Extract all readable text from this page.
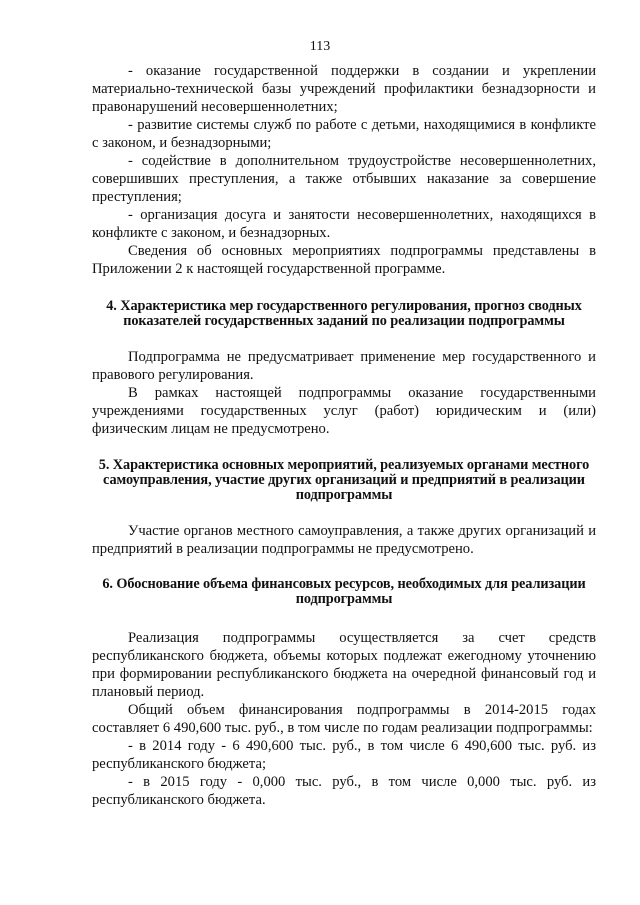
113

- оказание государственной поддержки в создании и укреплении материально-технической базы учреждений профилактики безнадзорности и правонарушений несовершеннолетних;

- развитие системы служб по работе с детьми, находящимися в конфликте с законом, и безнадзорными;

- содействие в дополнительном трудоустройстве несовершеннолетних, совершивших преступления, а также отбывших наказание за совершение преступления;

- организация досуга и занятости несовершеннолетних, находящихся в конфликте с законом, и безнадзорных.

Сведения об основных мероприятиях подпрограммы представлены в Приложении 2 к настоящей государственной программе.

4. Характеристика мер государственного регулирования, прогноз сводных показателей государственных заданий по реализации подпрограммы

Подпрограмма не предусматривает применение мер государственного и правового регулирования.

В рамках настоящей подпрограммы оказание государственными учреждениями государственных услуг (работ) юридическим и (или) физическим лицам не предусмотрено.

5. Характеристика основных мероприятий, реализуемых органами местного самоуправления, участие других организаций и предприятий в реализации подпрограммы

Участие органов местного самоуправления, а также других организаций и предприятий в реализации подпрограммы не предусмотрено.

6. Обоснование объема финансовых ресурсов, необходимых для реализации подпрограммы

Реализация подпрограммы осуществляется за счет средств республиканского бюджета, объемы которых подлежат ежегодному уточнению при формировании республиканского бюджета на очередной финансовый год и плановый период.

Общий объем финансирования подпрограммы в 2014-2015 годах составляет 6 490,600 тыс. руб., в том числе по годам реализации подпрограммы:

- в 2014 году - 6 490,600 тыс. руб., в том числе 6 490,600 тыс. руб. из республиканского бюджета;

- в 2015 году - 0,000 тыс. руб., в том числе 0,000 тыс. руб. из республиканского бюджета.
